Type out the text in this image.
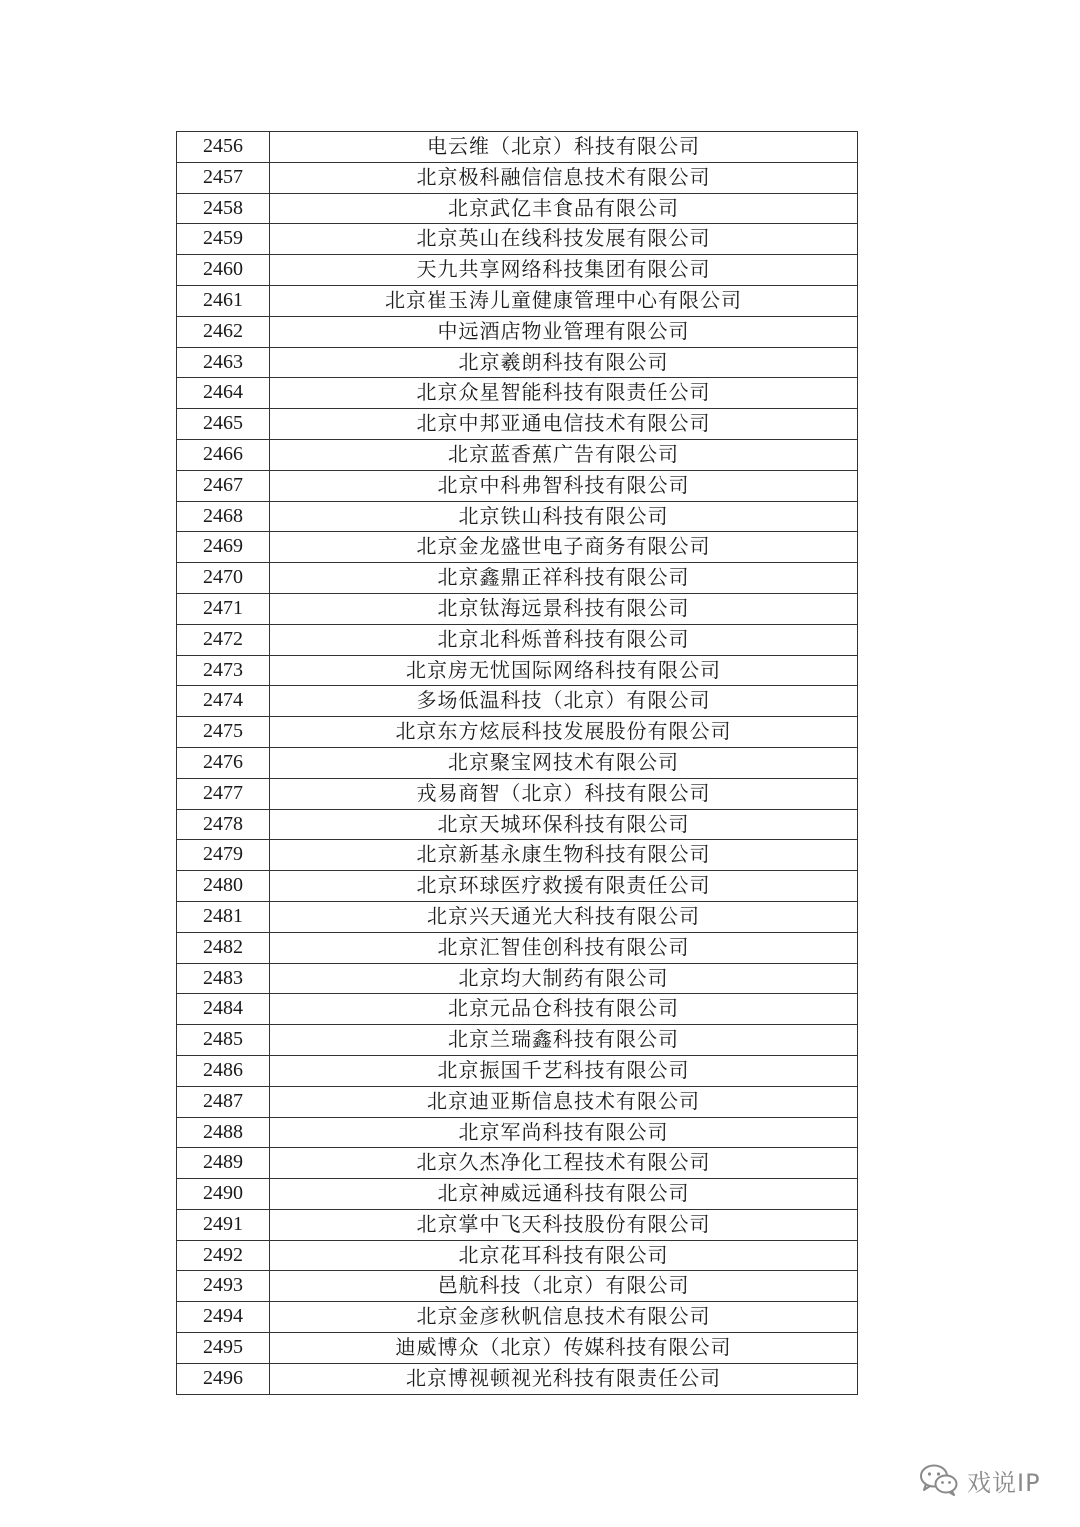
2456	电云维（北京）科技有限公司
2457	北京极科融信信息技术有限公司
2458	北京武亿丰食品有限公司
2459	北京英山在线科技发展有限公司
2460	天九共享网络科技集团有限公司
2461	北京崔玉涛儿童健康管理中心有限公司
2462	中远酒店物业管理有限公司
2463	北京羲朗科技有限公司
2464	北京众星智能科技有限责任公司
2465	北京中邦亚通电信技术有限公司
2466	北京蓝香蕉广告有限公司
2467	北京中科弗智科技有限公司
2468	北京铁山科技有限公司
2469	北京金龙盛世电子商务有限公司
2470	北京鑫鼎正祥科技有限公司
2471	北京钛海远景科技有限公司
2472	北京北科烁普科技有限公司
2473	北京房无忧国际网络科技有限公司
2474	多场低温科技（北京）有限公司
2475	北京东方炫辰科技发展股份有限公司
2476	北京聚宝网技术有限公司
2477	戎易商智（北京）科技有限公司
2478	北京天城环保科技有限公司
2479	北京新基永康生物科技有限公司
2480	北京环球医疗救援有限责任公司
2481	北京兴天通光大科技有限公司
2482	北京汇智佳创科技有限公司
2483	北京均大制药有限公司
2484	北京元品仓科技有限公司
2485	北京兰瑞鑫科技有限公司
2486	北京振国千艺科技有限公司
2487	北京迪亚斯信息技术有限公司
2488	北京军尚科技有限公司
2489	北京久杰净化工程技术有限公司
2490	北京神威远通科技有限公司
2491	北京掌中飞天科技股份有限公司
2492	北京花耳科技有限公司
2493	邑航科技（北京）有限公司
2494	北京金彦秋帆信息技术有限公司
2495	迪威博众（北京）传媒科技有限公司
2496	北京博视顿视光科技有限责任公司
戏说IP
